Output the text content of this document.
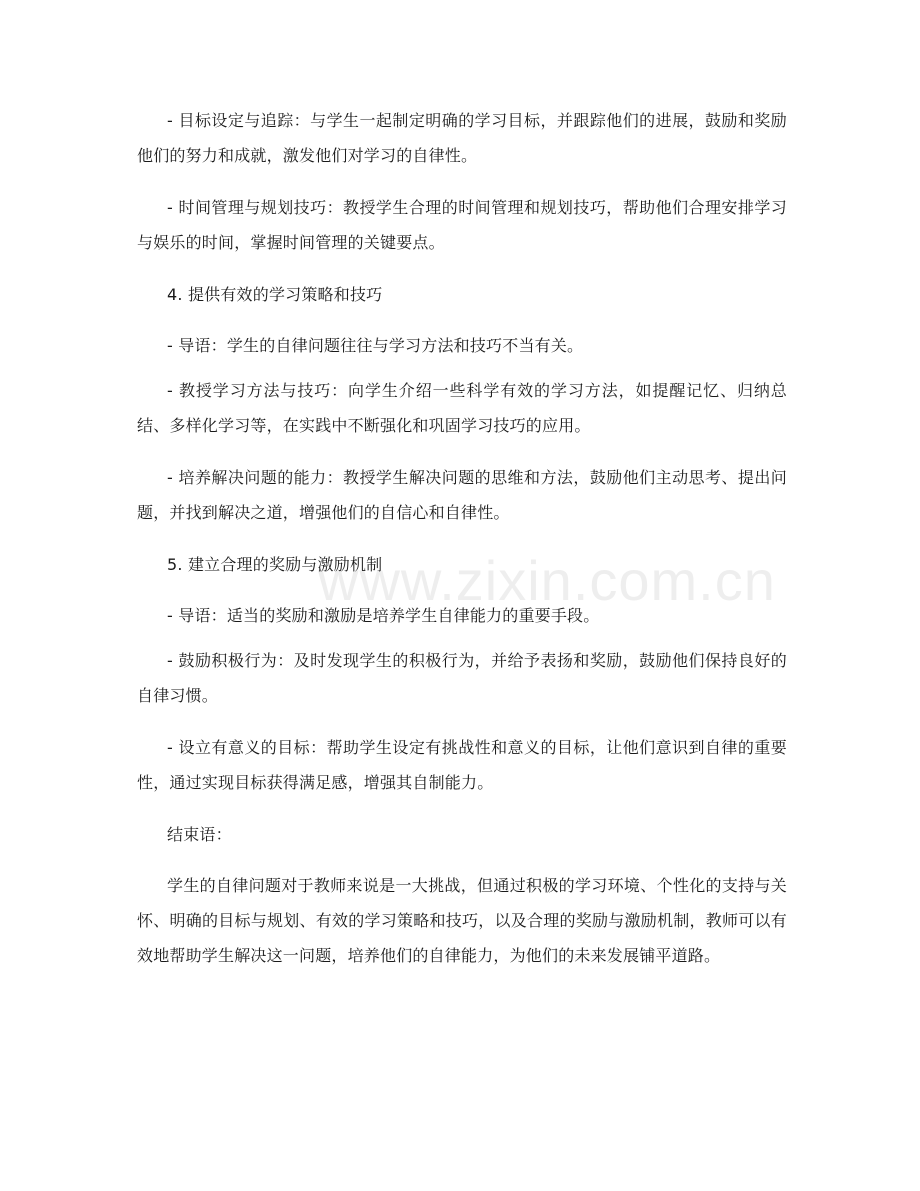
www.zixin.com.cn

- 目标设定与追踪：与学生一起制定明确的学习目标，并跟踪他们的进展，鼓励和奖励他们的努力和成就，激发他们对学习的自律性。

- 时间管理与规划技巧：教授学生合理的时间管理和规划技巧，帮助他们合理安排学习与娱乐的时间，掌握时间管理的关键要点。

4. 提供有效的学习策略和技巧

- 导语：学生的自律问题往往与学习方法和技巧不当有关。

- 教授学习方法与技巧：向学生介绍一些科学有效的学习方法，如提醒记忆、归纳总结、多样化学习等，在实践中不断强化和巩固学习技巧的应用。

- 培养解决问题的能力：教授学生解决问题的思维和方法，鼓励他们主动思考、提出问题，并找到解决之道，增强他们的自信心和自律性。

5. 建立合理的奖励与激励机制

- 导语：适当的奖励和激励是培养学生自律能力的重要手段。

- 鼓励积极行为：及时发现学生的积极行为，并给予表扬和奖励，鼓励他们保持良好的自律习惯。

- 设立有意义的目标：帮助学生设定有挑战性和意义的目标，让他们意识到自律的重要性，通过实现目标获得满足感，增强其自制能力。

结束语：

学生的自律问题对于教师来说是一大挑战，但通过积极的学习环境、个性化的支持与关怀、明确的目标与规划、有效的学习策略和技巧，以及合理的奖励与激励机制，教师可以有效地帮助学生解决这一问题，培养他们的自律能力，为他们的未来发展铺平道路。
